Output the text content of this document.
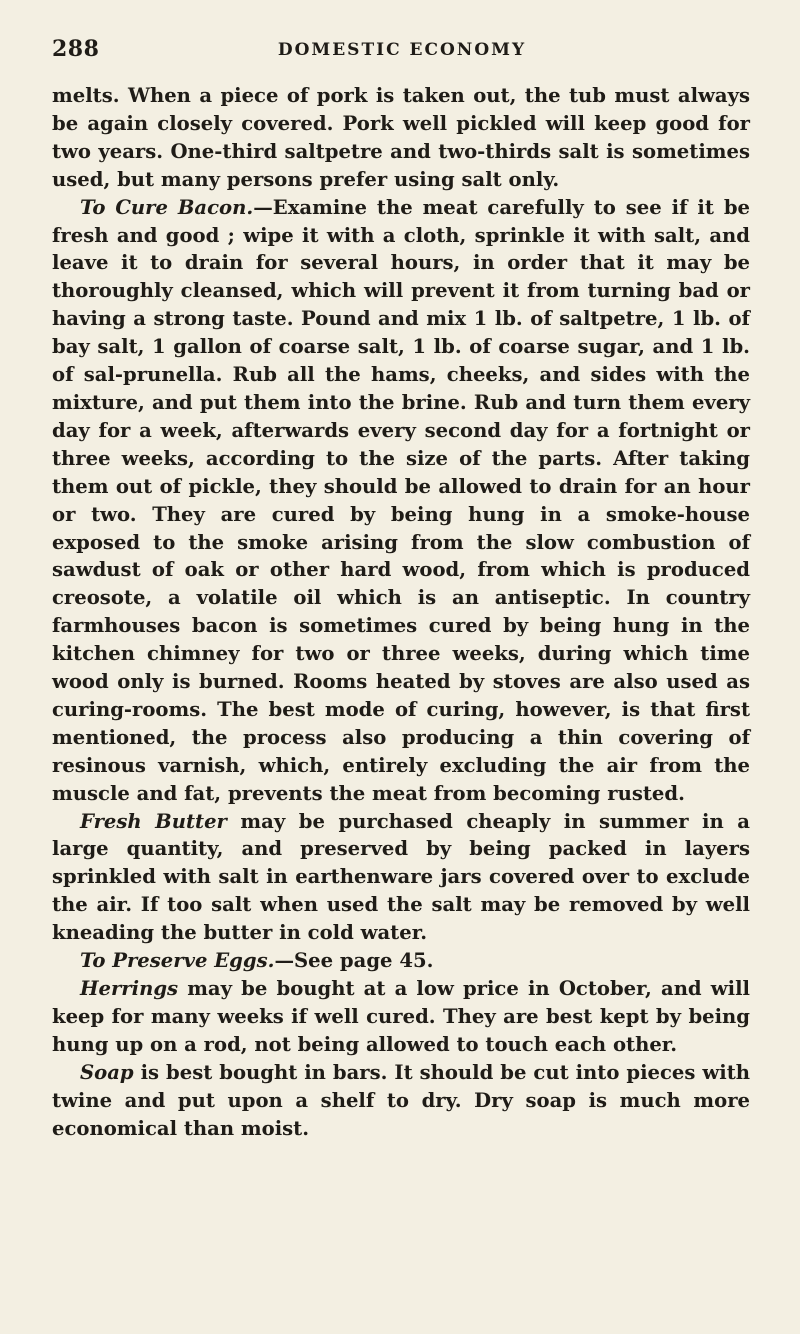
288	DOMESTIC ECONOMY

melts. When a piece of pork is taken out, the tub must always be again closely covered. Pork well pickled will keep good for two years. One-third saltpetre and two-thirds salt is sometimes used, but many persons prefer using salt only.

To Cure Bacon.—Examine the meat carefully to see if it be fresh and good ; wipe it with a cloth, sprinkle it with salt, and leave it to drain for several hours, in order that it may be thoroughly cleansed, which will prevent it from turning bad or having a strong taste. Pound and mix 1 lb. of saltpetre, 1 lb. of bay salt, 1 gallon of coarse salt, 1 lb. of coarse sugar, and 1 lb. of sal-prunella. Rub all the hams, cheeks, and sides with the mixture, and put them into the brine. Rub and turn them every day for a week, afterwards every second day for a fortnight or three weeks, according to the size of the parts. After taking them out of pickle, they should be allowed to drain for an hour or two. They are cured by being hung in a smoke-house exposed to the smoke arising from the slow combustion of sawdust of oak or other hard wood, from which is produced creosote, a volatile oil which is an antiseptic. In country farmhouses bacon is sometimes cured by being hung in the kitchen chimney for two or three weeks, during which time wood only is burned. Rooms heated by stoves are also used as curing-rooms. The best mode of curing, however, is that first mentioned, the process also producing a thin covering of resinous varnish, which, entirely excluding the air from the muscle and fat, prevents the meat from becoming rusted.

Fresh Butter may be purchased cheaply in summer in a large quantity, and preserved by being packed in layers sprinkled with salt in earthenware jars covered over to exclude the air. If too salt when used the salt may be removed by well kneading the butter in cold water.

To Preserve Eggs.—See page 45.

Herrings may be bought at a low price in October, and will keep for many weeks if well cured. They are best kept by being hung up on a rod, not being allowed to touch each other.

Soap is best bought in bars. It should be cut into pieces with twine and put upon a shelf to dry. Dry soap is much more economical than moist.
